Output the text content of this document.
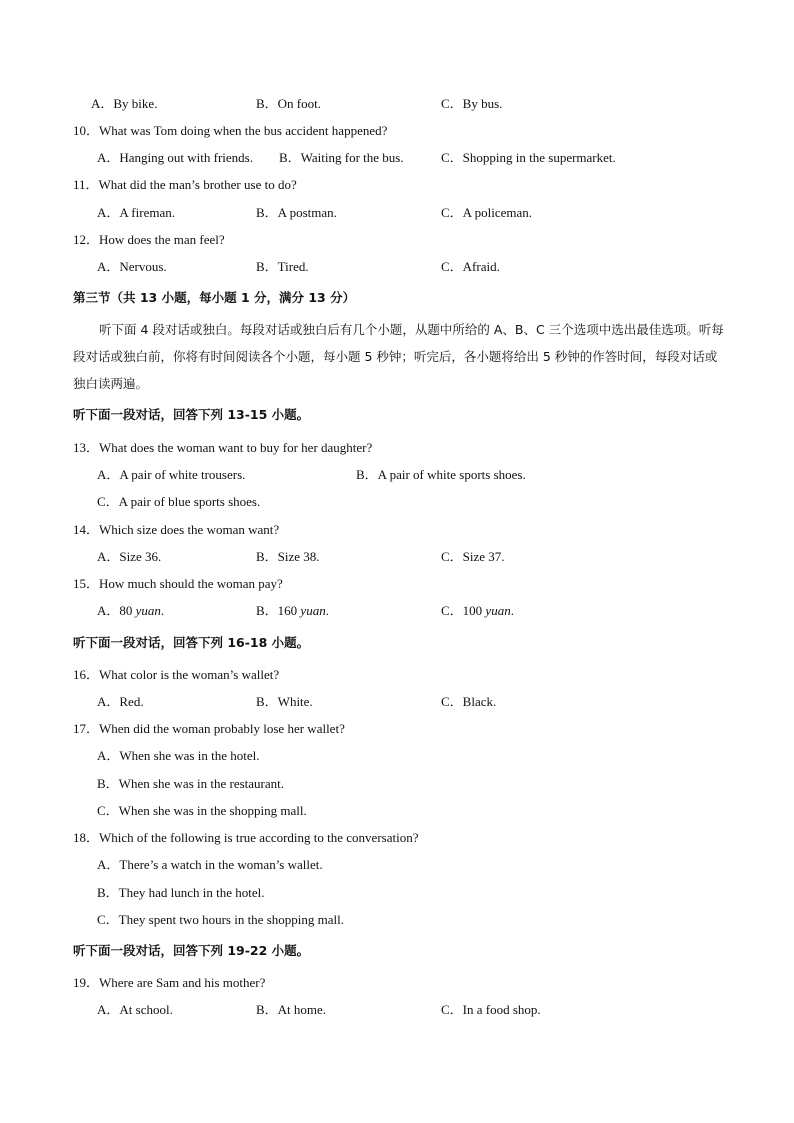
A．By bike.	B．On foot.	C．By bus.
10．What was Tom doing when the bus accident happened?
A．Hanging out with friends. B．Waiting for the bus.	C．Shopping in the supermarket.
11．What did the man’s brother use to do?
A．A fireman.	B．A postman.	C．A policeman.
12．How does the man feel?
A．Nervous.	B．Tired.	C．Afraid.
第三节（共 13 小题，每小题 1 分，满分 13 分）
听下面 4 段对话或独白。每段对话或独白后有几个小题，从题中所给的 A、B、C 三个选项中选出最佳选项。听每段对话或独白前，你将有时间阅读各个小题，每小题 5 秒钟；听完后，各小题将给出 5 秒钟的作答时间，每段对话或独白读两遍。
听下面一段对话，回答下列 13-15 小题。
13．What does the woman want to buy for her daughter?
A．A pair of white trousers.	B．A pair of white sports shoes.
C．A pair of blue sports shoes.
14．Which size does the woman want?
A．Size 36.	B．Size 38.	C．Size 37.
15．How much should the woman pay?
A．80 yuan.	B．160 yuan.	C．100 yuan.
听下面一段对话，回答下列 16-18 小题。
16．What color is the woman’s wallet?
A．Red.	B．White.	C．Black.
17．When did the woman probably lose her wallet?
A．When she was in the hotel.
B．When she was in the restaurant.
C．When she was in the shopping mall.
18．Which of the following is true according to the conversation?
A．There’s a watch in the woman’s wallet.
B．They had lunch in the hotel.
C．They spent two hours in the shopping mall.
听下面一段对话，回答下列 19-22 小题。
19．Where are Sam and his mother?
A．At school.	B．At home.	C．In a food shop.
